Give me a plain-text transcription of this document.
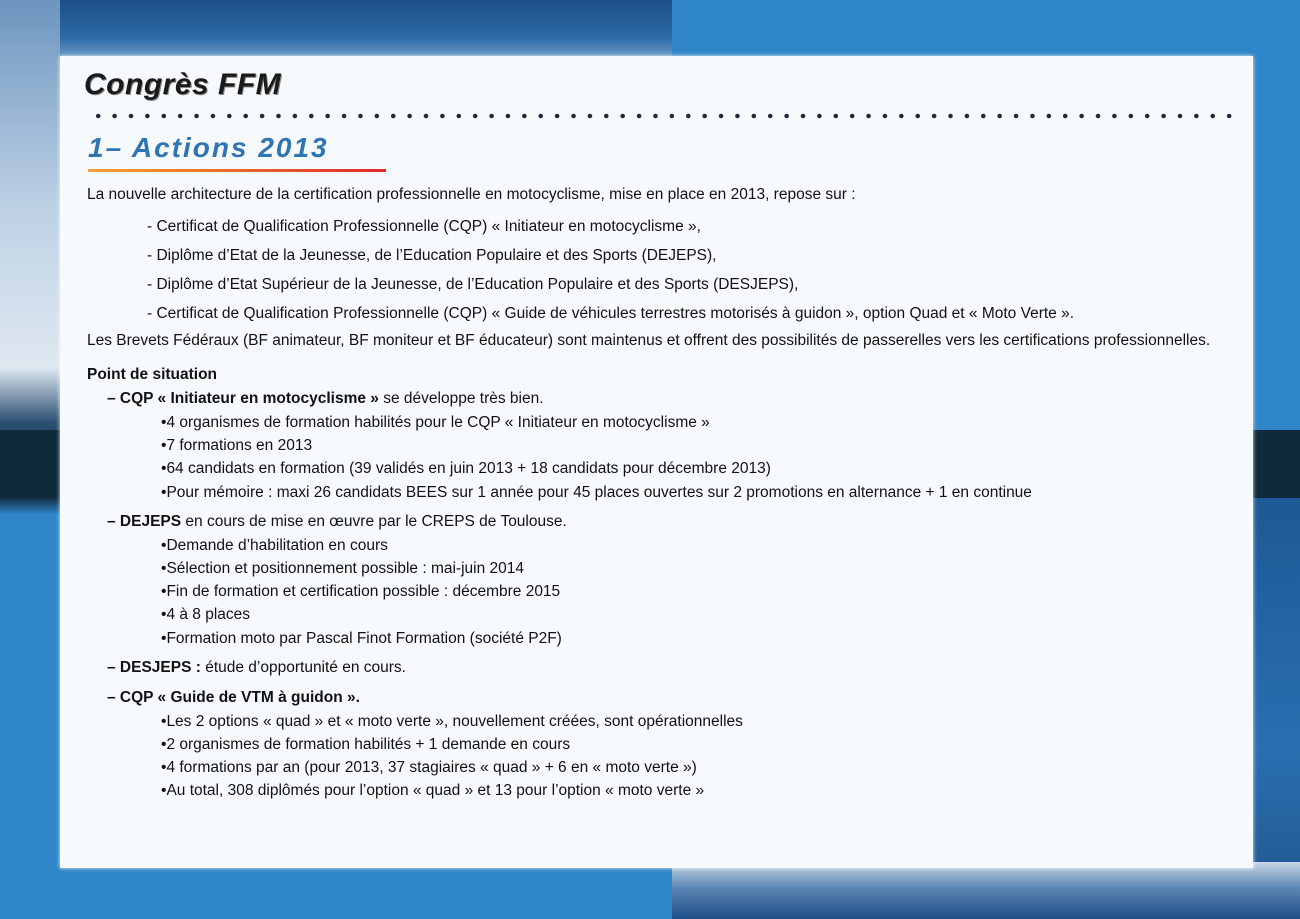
Congrès FFM
1– Actions 2013

La nouvelle architecture de la certification professionnelle en motocyclisme, mise en place en 2013, repose sur :

- Certificat de Qualification Professionnelle (CQP) « Initiateur en motocyclisme »,
- Diplôme d’Etat de la Jeunesse, de l’Education Populaire et des Sports (DEJEPS),
- Diplôme d’Etat Supérieur de la Jeunesse, de l’Education Populaire et des Sports (DESJEPS),
- Certificat de Qualification Professionnelle (CQP) « Guide de véhicules terrestres motorisés à guidon », option Quad et « Moto Verte ».

Les Brevets Fédéraux (BF animateur, BF moniteur et BF éducateur) sont maintenus et offrent des possibilités de passerelles vers les certifications professionnelles.

Point de situation

– CQP « Initiateur en motocyclisme » se développe très bien.
• 4 organismes de formation habilités pour le CQP « Initiateur en motocyclisme »
• 7 formations en 2013
• 64 candidats en formation (39 validés en juin 2013 + 18 candidats pour décembre 2013)
• Pour mémoire : maxi 26 candidats BEES sur 1 année pour 45 places ouvertes sur 2 promotions en alternance + 1 en continue
– DEJEPS en cours de mise en œuvre par le CREPS de Toulouse.
• Demande d’habilitation en cours
• Sélection et positionnement possible : mai-juin 2014
• Fin de formation et certification possible : décembre 2015
• 4 à 8 places
• Formation moto par Pascal Finot Formation (société P2F)
– DESJEPS : étude d’opportunité en cours.
– CQP « Guide de VTM à guidon ».
• Les 2 options « quad » et « moto verte », nouvellement créées, sont opérationnelles
• 2 organismes de formation habilités + 1 demande en cours
• 4 formations par an (pour 2013, 37 stagiaires « quad » + 6 en « moto verte »)
• Au total, 308 diplômés pour l’option « quad » et 13 pour l’option « moto verte »
